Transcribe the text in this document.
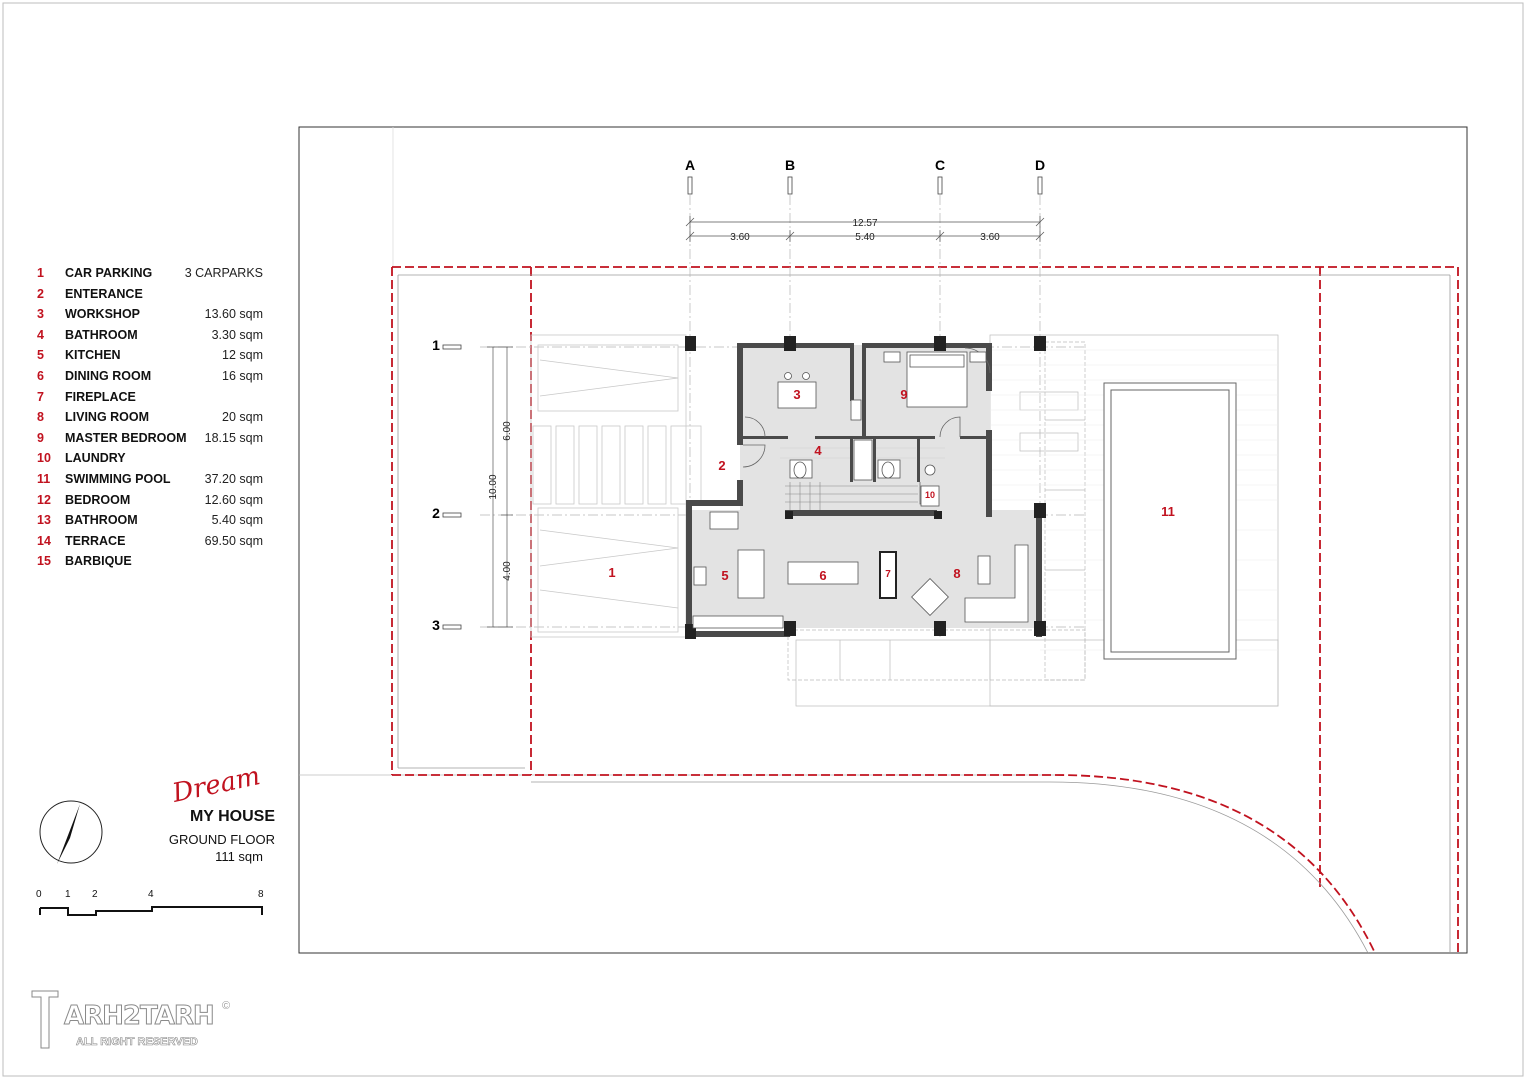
A	B	C	D
1
2
3
12.57
3.60	5.40	3.60
10.00
6.00
4.00	1
2
3
4
5	6	7	8
9
10
11
1 CAR PARKING	3 CARPARKS
2 ENTERANCE
3 WORKSHOP	13.60 sqm
4 BATHROOM	3.30 sqm
5 KITCHEN	12 sqm
6 DINING ROOM	16 sqm
7 FIREPLACE
8 LIVING ROOM	20 sqm
9 MASTER BEDROOM 18.15 sqm
10 LAUNDRY
11 SWIMMING POOL	37.20 sqm
12 BEDROOM	12.60 sqm
13 BATHROOM	5.40 sqm
14 TERRACE	69.50 sqm
15 BARBIQUE
0 1 2	4	8
Dream
MY HOUSE
GROUND FLOOR
111 sqm
ARH2TARH ©
ALL RIGHT RESERVED
